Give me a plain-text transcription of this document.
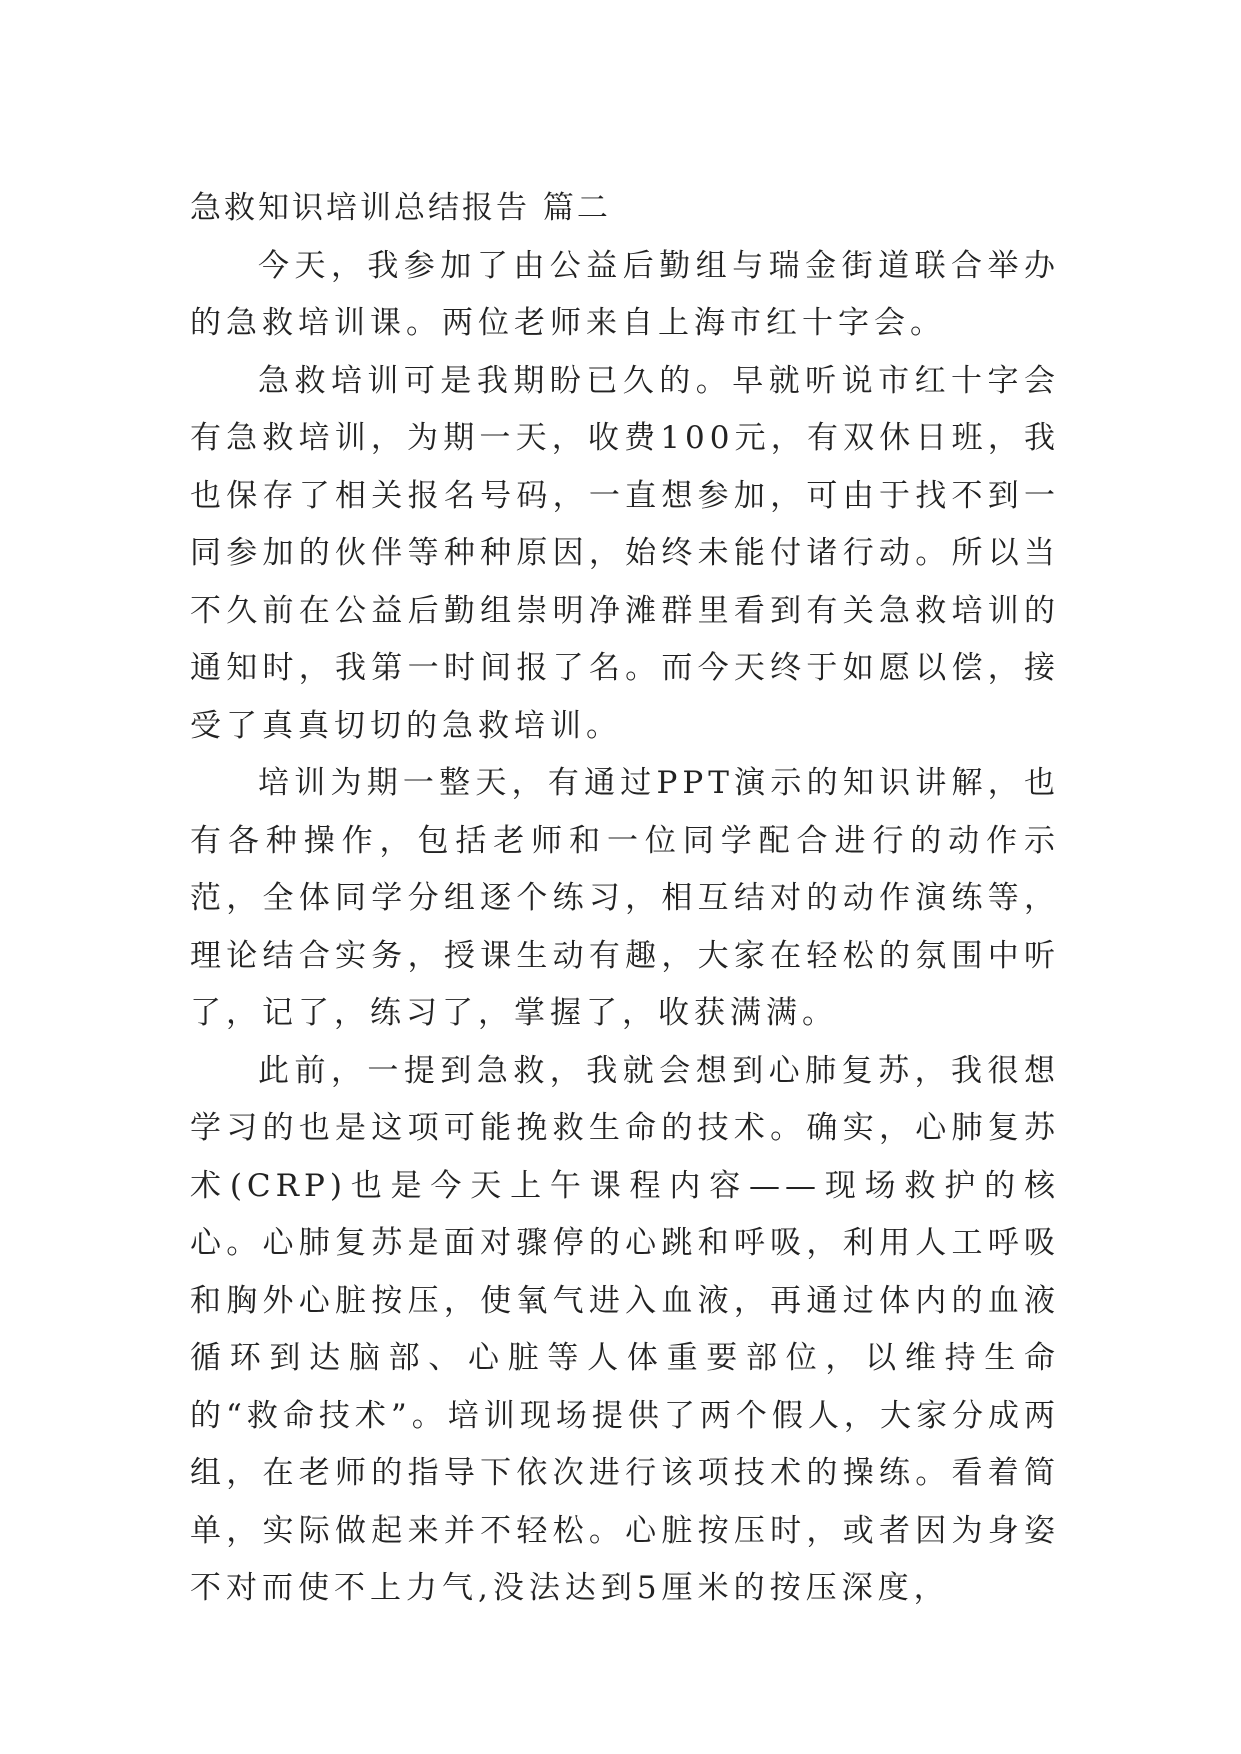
急救知识培训总结报告 篇二

今天，我参加了由公益后勤组与瑞金街道联合举办的急救培训课。两位老师来自上海市红十字会。

急救培训可是我期盼已久的。早就听说市红十字会有急救培训，为期一天，收费100元，有双休日班，我也保存了相关报名号码，一直想参加，可由于找不到一同参加的伙伴等种种原因，始终未能付诸行动。所以当不久前在公益后勤组崇明净滩群里看到有关急救培训的通知时，我第一时间报了名。而今天终于如愿以偿，接受了真真切切的急救培训。

培训为期一整天，有通过PPT演示的知识讲解，也有各种操作，包括老师和一位同学配合进行的动作示范，全体同学分组逐个练习，相互结对的动作演练等，理论结合实务，授课生动有趣，大家在轻松的氛围中听了，记了，练习了，掌握了，收获满满。

此前，一提到急救，我就会想到心肺复苏，我很想学习的也是这项可能挽救生命的技术。确实，心肺复苏术(CRP)也是今天上午课程内容——现场救护的核心。心肺复苏是面对骤停的心跳和呼吸，利用人工呼吸和胸外心脏按压，使氧气进入血液，再通过体内的血液循环到达脑部、心脏等人体重要部位，以维持生命的“救命技术”。培训现场提供了两个假人，大家分成两组，在老师的指导下依次进行该项技术的操练。看着简单，实际做起来并不轻松。心脏按压时，或者因为身姿不对而使不上力气,没法达到5厘米的按压深度，
